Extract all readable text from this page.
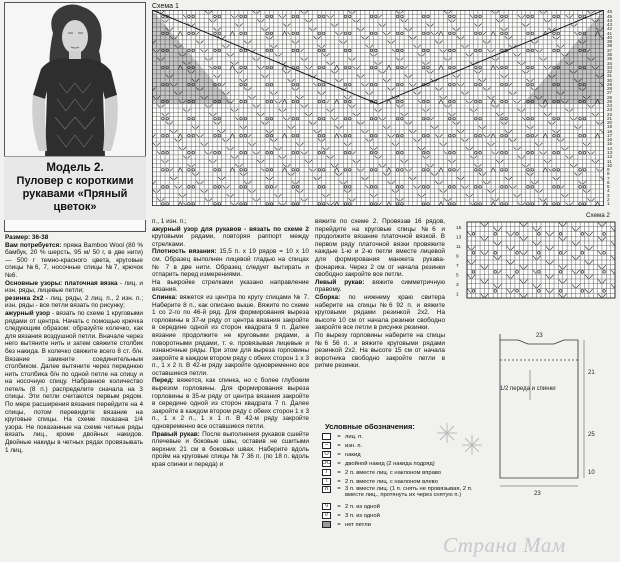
Модель 2.
Пуловер с короткими
рукавами «Пряный цветок»

Размер: 36-38

Вам потребуется: пряжа Bamboo Wool (80 % бамбук, 20 % шерсть, 95 м/ 50 г, в две нити) — 500 г темно-красного цвета, круговые спицы №6, 7, носочные спицы №7, крючок №6.

Основные узоры: платочная вязка - лиц. и изн. ряды, лицевые петли;

резинка 2х2 - лиц. ряды, 2 лиц. п., 2 изн. п.; изн. ряды - все петли вязать по рисунку;

ажурный узор - вязать по схеме 1 круговыми рядами от центра. Начать с помощью крючка следующим образом: образуйте колечко, как для вязания воздушной петли. Вначале через него вытяните нить и затем свяжите столбик без накида. В колечко свяжите всего 8 ст. б/н. Вязание замкните соединительным столбиком. Далее вытяните через переднюю нить столбика б/н по одной петле на спицу и на носочную спицу. Набранное количество петель (8 п.) распределите сначала на 3 спицы. Эти петли считаются первым рядом. По мере расширения вязания перейдите на 4 спицы, потом перевидите вязание на круговые спицы. На схеме показана 1/4 узора. Не показанные на схеме четные ряды вязать лиц., кроме двойных накидов. Двойные накиды в четных рядах провязывать 1 лиц.

п., 1 изн. п.;

ажурный узор для рукавов - вязать по схеме 2 круговыми рядами, повторяя раппорт между стрелками.

Плотность вязания: 15,5 п. х 19 рядов = 10 х 10 см. Образец выполнен лицевой гладью на спицах № 7 в две нити. Образец следует вытирать и отпарить перед измерениями.

На выкройке стрелками указано направление вязания.

Спинка: вяжется из центра по кругу спицами № 7. Наберите 8 п., как описано выше. Вяжите по схеме 1 со 2-го по 46-й ряд. Для формирования выреза горловины в 37-м ряду от центра вязания закройте в середине одной из сторон квадрата 9 п. Далее вязание продолжите не круговыми рядами, а поворотными рядами, т. е. провязывая лицевые и изнаночные ряды. При этом для выреза горловины закройте в каждом втором ряду с обеих сторон 1 х 3 п., 1 х 2 п. В 42-м ряду закройте одновременно все оставшиеся петли.

Перед: вяжется, как спинка, но с более глубоким вырезом горловины. Для формирования выреза горловины в 35-м ряду от центра вязания закройте в середине одной из сторон квадрата 7 п. Далее закройте в каждом втором ряду с обеих сторон 1 х 3 п., 1 х 2 п., 1 х 1 п. В 42-м ряду закройте одновременно все оставшиеся петли.

Правый рукав: После выполнения рукавов сшейте плечевые и боковые швы, оставив не сшитыми верхних 21 см в боковых швах. Наберите вдоль пройм на круговые спицы № 7 36 п. (по 18 п. вдоль края спинки и переда) и

вяжите по схеме 2. Провязав 16 рядов, перейдите на круговые спицы №6 и продолжите вязание платочной вязкой. В первом ряду платочной вязки провяжите каждые 1-ю и 2-ю петли вместе лицевой для формирования манжета рукава-фонарика. Через 2 см от начала резинки свободно закройте все петли.

Левый рукав: вяжите симметричную правому.

Сборка: по нижнему краю свитера наберите на спицы №6 92 п. и вяжите круговыми рядами резинкой 2х2. На высоте 10 см от начала резинки свободно закройте все петли в рисунке резинки.

По вырезу горловины наберите на спицы №6 56 п. и вяжите круговыми рядами резинкой 2х2. На высоте 15 см от начала воротника свободно закройте петли в ритме резинки.

Схема 1
46
45
44
43
42
41
40
39
38
37
36
35
34
33
32
31
30
29
28
27
26
25
24
23
22
21
20
19
18
17
16
15
14
13
12
11
10
9
8
7
6
5
4
3
2
1
Схема 2
15
13
11
9
7
5
3
1
1/2 переда и спинки
23
21
25
10
23
Условные обозначения:
= лиц. п.
–	= изн. п.
O	= накид
OO = двойной накид (2 накида подряд)
/	= 2 п. вместе лиц. с наклоном вправо
\	= 2 п. вместе лиц. с наклоном влево
Λ	= 3 п. вместе лиц. (1 п. снять не провязывая, 2 п. вместе лиц., протянуть их через снятую п.)
\\	= 2 п. из одной
//	= 3 п. из одной
= нет петли
Страна Мам
